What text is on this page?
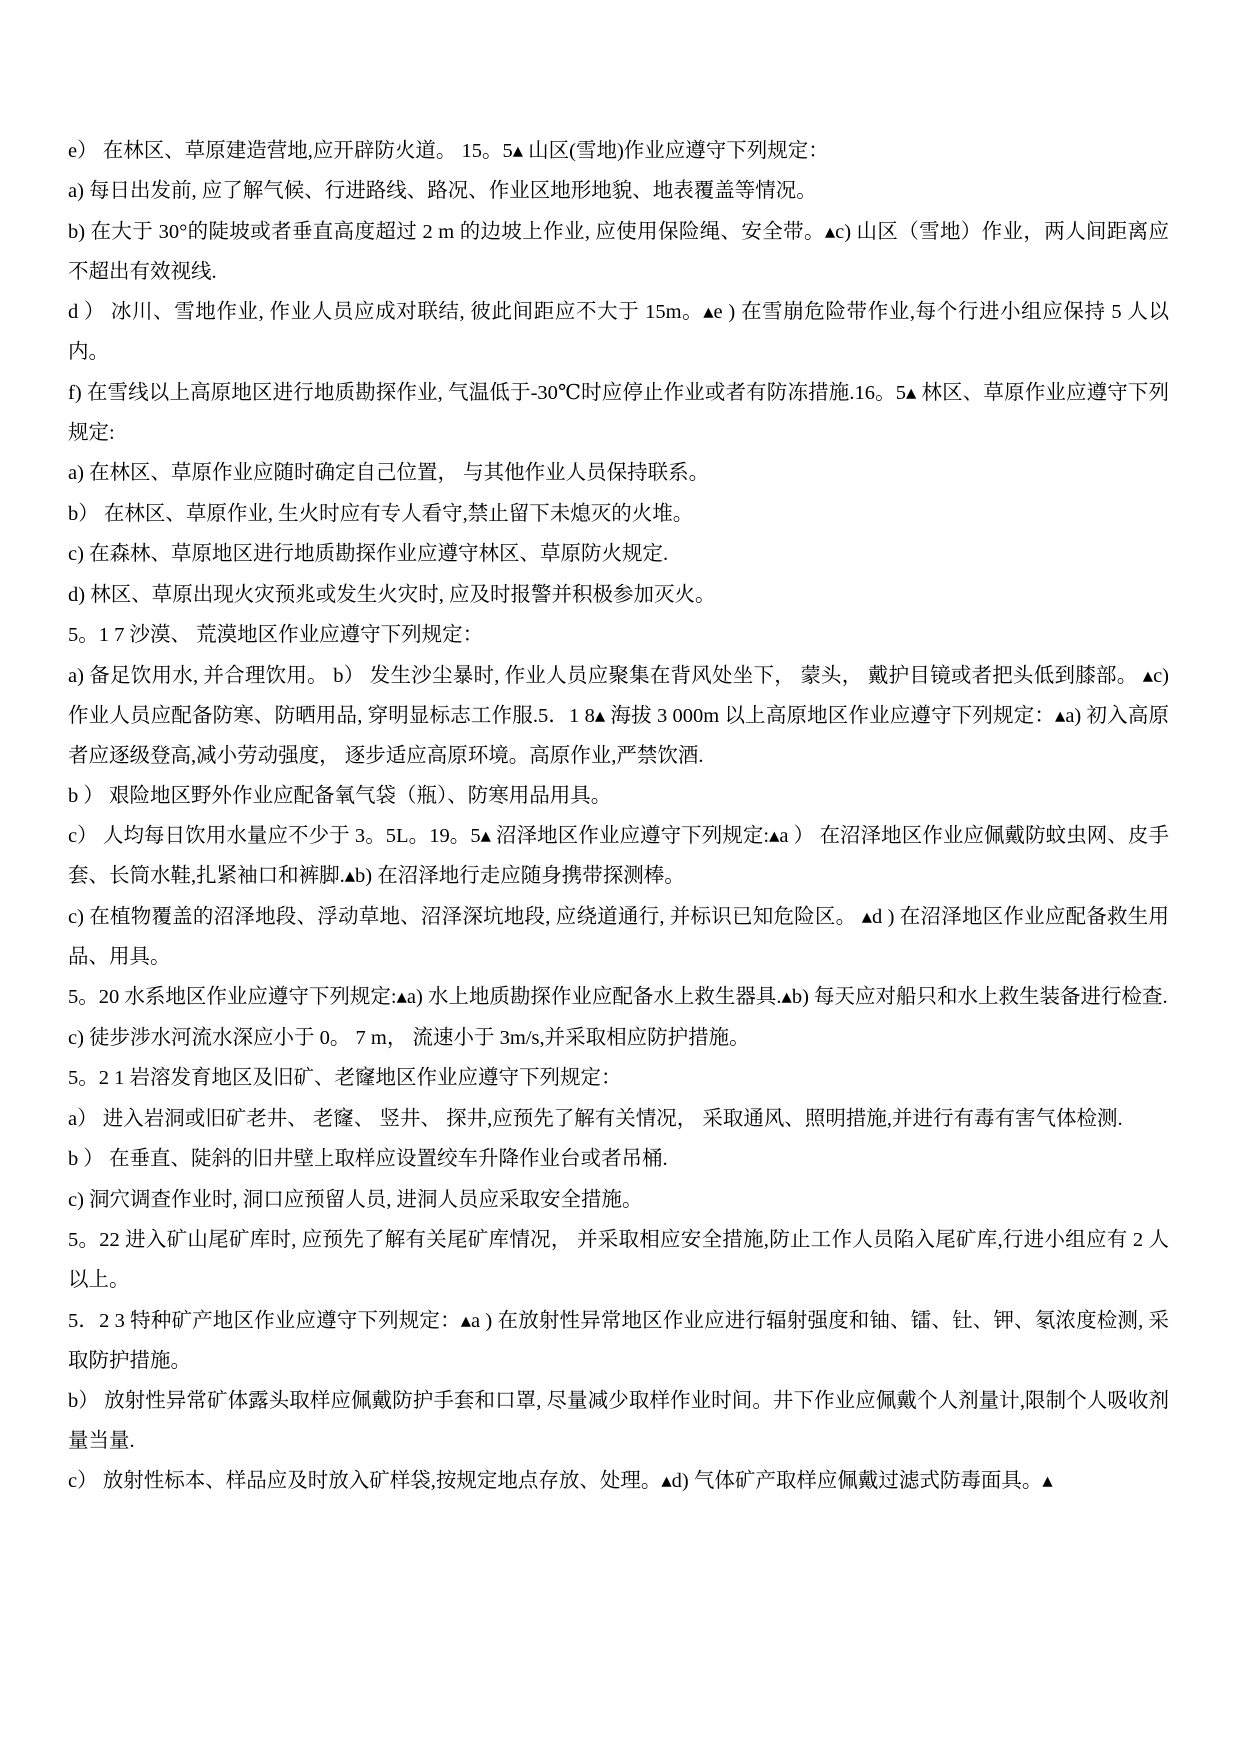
e） 在林区、草原建造营地,应开辟防火道。 15。5▴ 山区(雪地)作业应遵守下列规定：

a) 每日出发前, 应了解气候、行进路线、路况、作业区地形地貌、地表覆盖等情况。

b) 在大于 30°的陡坡或者垂直高度超过 2 m 的边坡上作业, 应使用保险绳、安全带。▴c) 山区（雪地）作业，两人间距离应不超出有效视线.

d ） 冰川、雪地作业, 作业人员应成对联结, 彼此间距应不大于 15m。▴e ) 在雪崩危险带作业,每个行进小组应保持 5 人以内。

f) 在雪线以上高原地区进行地质勘探作业, 气温低于-30℃时应停止作业或者有防冻措施.16。5▴ 林区、草原作业应遵守下列规定:

a) 在林区、草原作业应随时确定自己位置， 与其他作业人员保持联系。

b） 在林区、草原作业, 生火时应有专人看守,禁止留下未熄灭的火堆。

c) 在森林、草原地区进行地质勘探作业应遵守林区、草原防火规定.

d) 林区、草原出现火灾预兆或发生火灾时, 应及时报警并积极参加灭火。

5。1 7 沙漠、 荒漠地区作业应遵守下列规定：

a) 备足饮用水, 并合理饮用。 b） 发生沙尘暴时, 作业人员应聚集在背风处坐下， 蒙头， 戴护目镜或者把头低到膝部。 ▴c) 作业人员应配备防寒、防晒用品, 穿明显标志工作服.5．1 8▴ 海拔 3 000m 以上高原地区作业应遵守下列规定：▴a) 初入高原者应逐级登高,减小劳动强度， 逐步适应高原环境。高原作业,严禁饮酒.

b ） 艰险地区野外作业应配备氧气袋（瓶）、防寒用品用具。

c） 人均每日饮用水量应不少于 3。5L。19。5▴ 沼泽地区作业应遵守下列规定:▴a ） 在沼泽地区作业应佩戴防蚊虫网、皮手套、长筒水鞋,扎紧袖口和裤脚.▴b) 在沼泽地行走应随身携带探测棒。

c) 在植物覆盖的沼泽地段、浮动草地、沼泽深坑地段, 应绕道通行, 并标识已知危险区。 ▴d ) 在沼泽地区作业应配备救生用品、用具。

5。20 水系地区作业应遵守下列规定:▴a) 水上地质勘探作业应配备水上救生器具.▴b) 每天应对船只和水上救生装备进行检查.

c) 徒步涉水河流水深应小于 0。 7 m， 流速小于 3m/s,并采取相应防护措施。

5。2 1 岩溶发育地区及旧矿、老窿地区作业应遵守下列规定：

a） 进入岩洞或旧矿老井、 老窿、 竖井、 探井,应预先了解有关情况， 采取通风、照明措施,并进行有毒有害气体检测.

b ） 在垂直、陡斜的旧井壁上取样应设置绞车升降作业台或者吊桶.

c) 洞穴调查作业时, 洞口应预留人员, 进洞人员应采取安全措施。

5。22 进入矿山尾矿库时, 应预先了解有关尾矿库情况， 并采取相应安全措施,防止工作人员陷入尾矿库,行进小组应有 2 人以上。

5．2 3 特种矿产地区作业应遵守下列规定：▴a ) 在放射性异常地区作业应进行辐射强度和铀、镭、钍、钾、氡浓度检测, 采取防护措施。

b） 放射性异常矿体露头取样应佩戴防护手套和口罩, 尽量减少取样作业时间。井下作业应佩戴个人剂量计,限制个人吸收剂量当量.

c） 放射性标本、样品应及时放入矿样袋,按规定地点存放、处理。▴d) 气体矿产取样应佩戴过滤式防毒面具。▴
